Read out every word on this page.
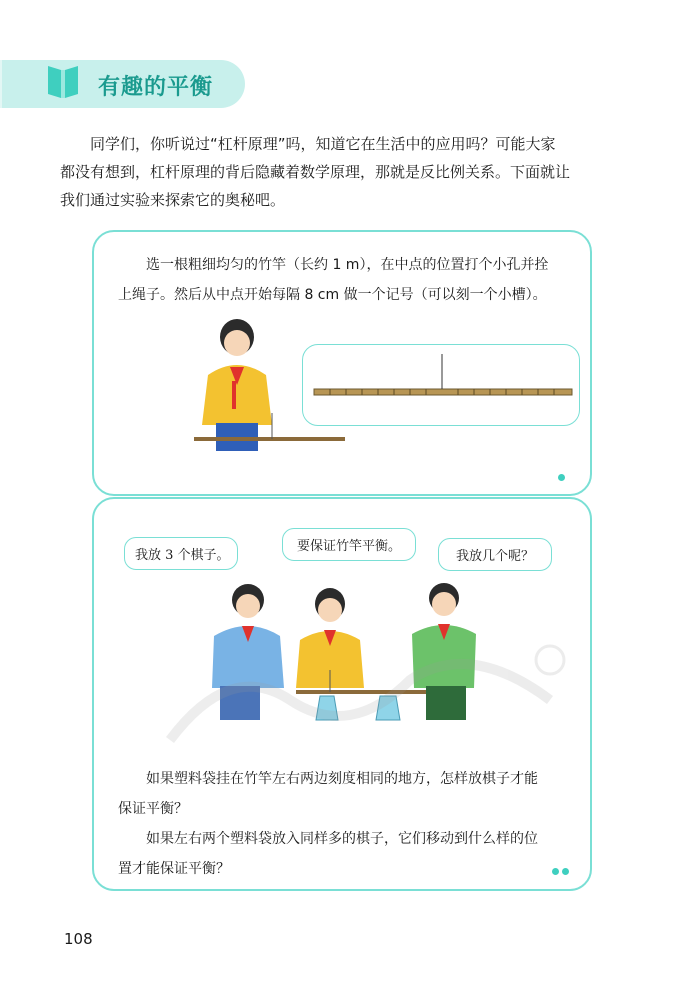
有趣的平衡

同学们，你听说过“杠杆原理”吗，知道它在生活中的应用吗？可能大家

都没有想到，杠杆原理的背后隐藏着数学原理，那就是反比例关系。下面就让

我们通过实验来探索它的奥秘吧。

选一根粗细均匀的竹竿（长约 1 m），在中点的位置打个小孔并拴

上绳子。然后从中点开始每隔 8 cm 做一个记号（可以刻一个小槽）。

我放 3 个棋子。
要保证竹竿平衡。
我放几个呢？

如果塑料袋挂在竹竿左右两边刻度相同的地方，怎样放棋子才能

保证平衡？

如果左右两个塑料袋放入同样多的棋子，它们移动到什么样的位

置才能保证平衡？

108
